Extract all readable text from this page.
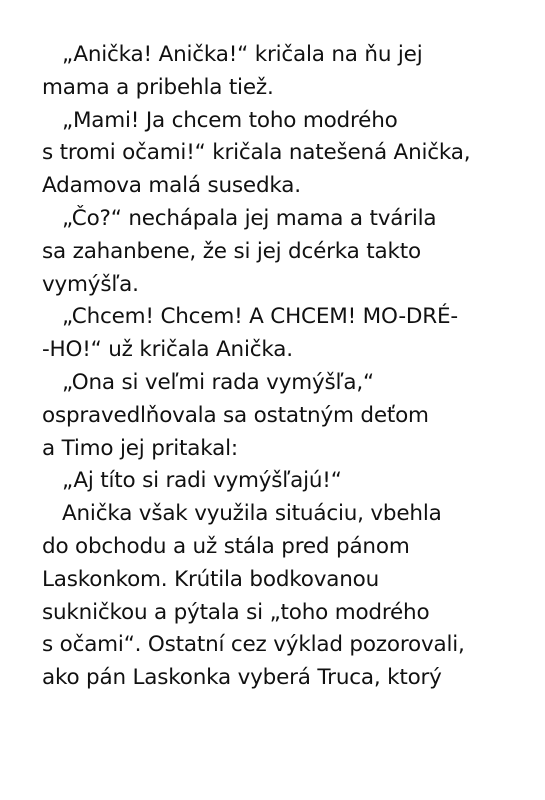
„Anička! Anička!“ kričala na ňu jej
mama a pribehla tiež.
„Mami! Ja chcem toho modrého
s tromi očami!“ kričala natešená Anička,
Adamova malá susedka.
„Čo?“ nechápala jej mama a tvárila
sa zahanbene, že si jej dcérka takto
vymýšľa.
„Chcem! Chcem! A CHCEM! MO-DRÉ-
-HO!“ už kričala Anička.
„Ona si veľmi rada vymýšľa,“
ospravedlňovala sa ostatným deťom
a Timo jej pritakal:
„Aj títo si radi vymýšľajú!“
Anička však využila situáciu, vbehla
do obchodu a už stála pred pánom
Laskonkom. Krútila bodkovanou
sukničkou a pýtala si „toho modrého
s očami“. Ostatní cez výklad pozorovali,
ako pán Laskonka vyberá Truca, ktorý
